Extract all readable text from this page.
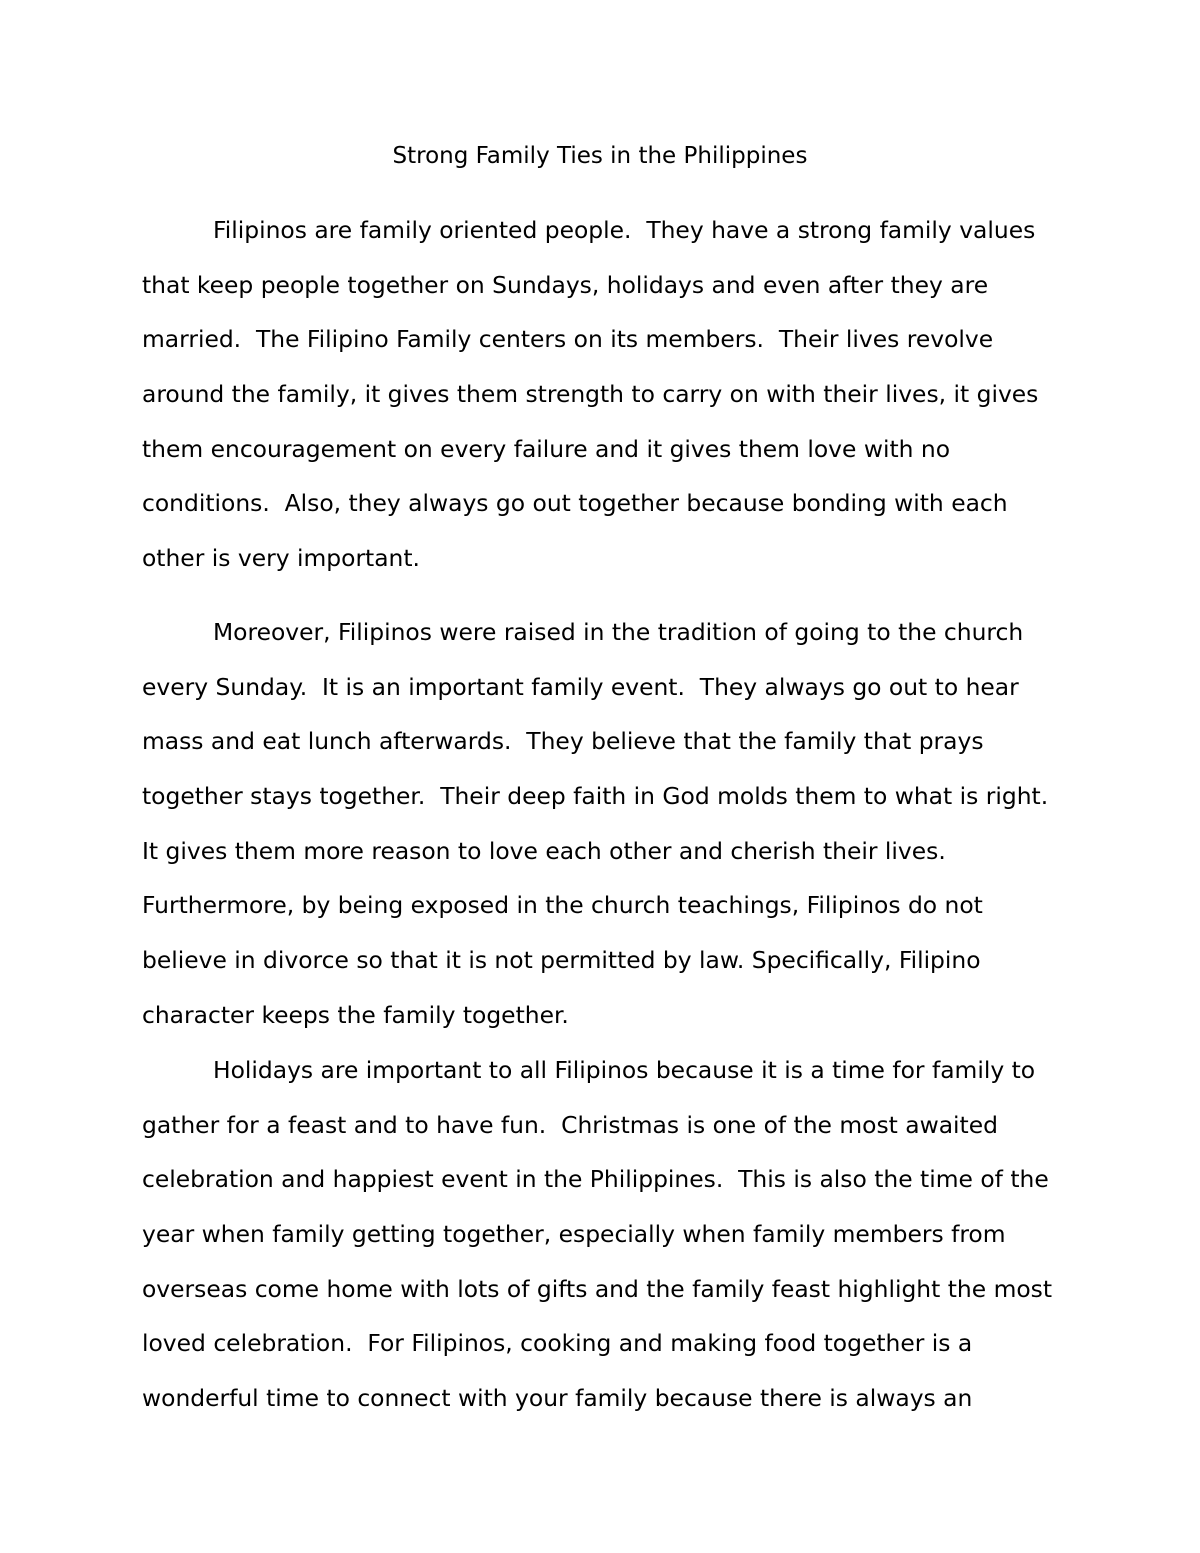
Strong Family Ties in the Philippines
Filipinos are family oriented people.  They have a strong family values
that keep people together on Sundays, holidays and even after they are
married.  The Filipino Family centers on its members.  Their lives revolve
around the family, it gives them strength to carry on with their lives, it gives
them encouragement on every failure and it gives them love with no
conditions.  Also, they always go out together because bonding with each
other is very important.
Moreover, Filipinos were raised in the tradition of going to the church
every Sunday.  It is an important family event.  They always go out to hear
mass and eat lunch afterwards.  They believe that the family that prays
together stays together.  Their deep faith in God molds them to what is right.
It gives them more reason to love each other and cherish their lives.
Furthermore, by being exposed in the church teachings, Filipinos do not
believe in divorce so that it is not permitted by law. Specifically, Filipino
character keeps the family together.
Holidays are important to all Filipinos because it is a time for family to
gather for a feast and to have fun.  Christmas is one of the most awaited
celebration and happiest event in the Philippines.  This is also the time of the
year when family getting together, especially when family members from
overseas come home with lots of gifts and the family feast highlight the most
loved celebration.  For Filipinos, cooking and making food together is a
wonderful time to connect with your family because there is always an
